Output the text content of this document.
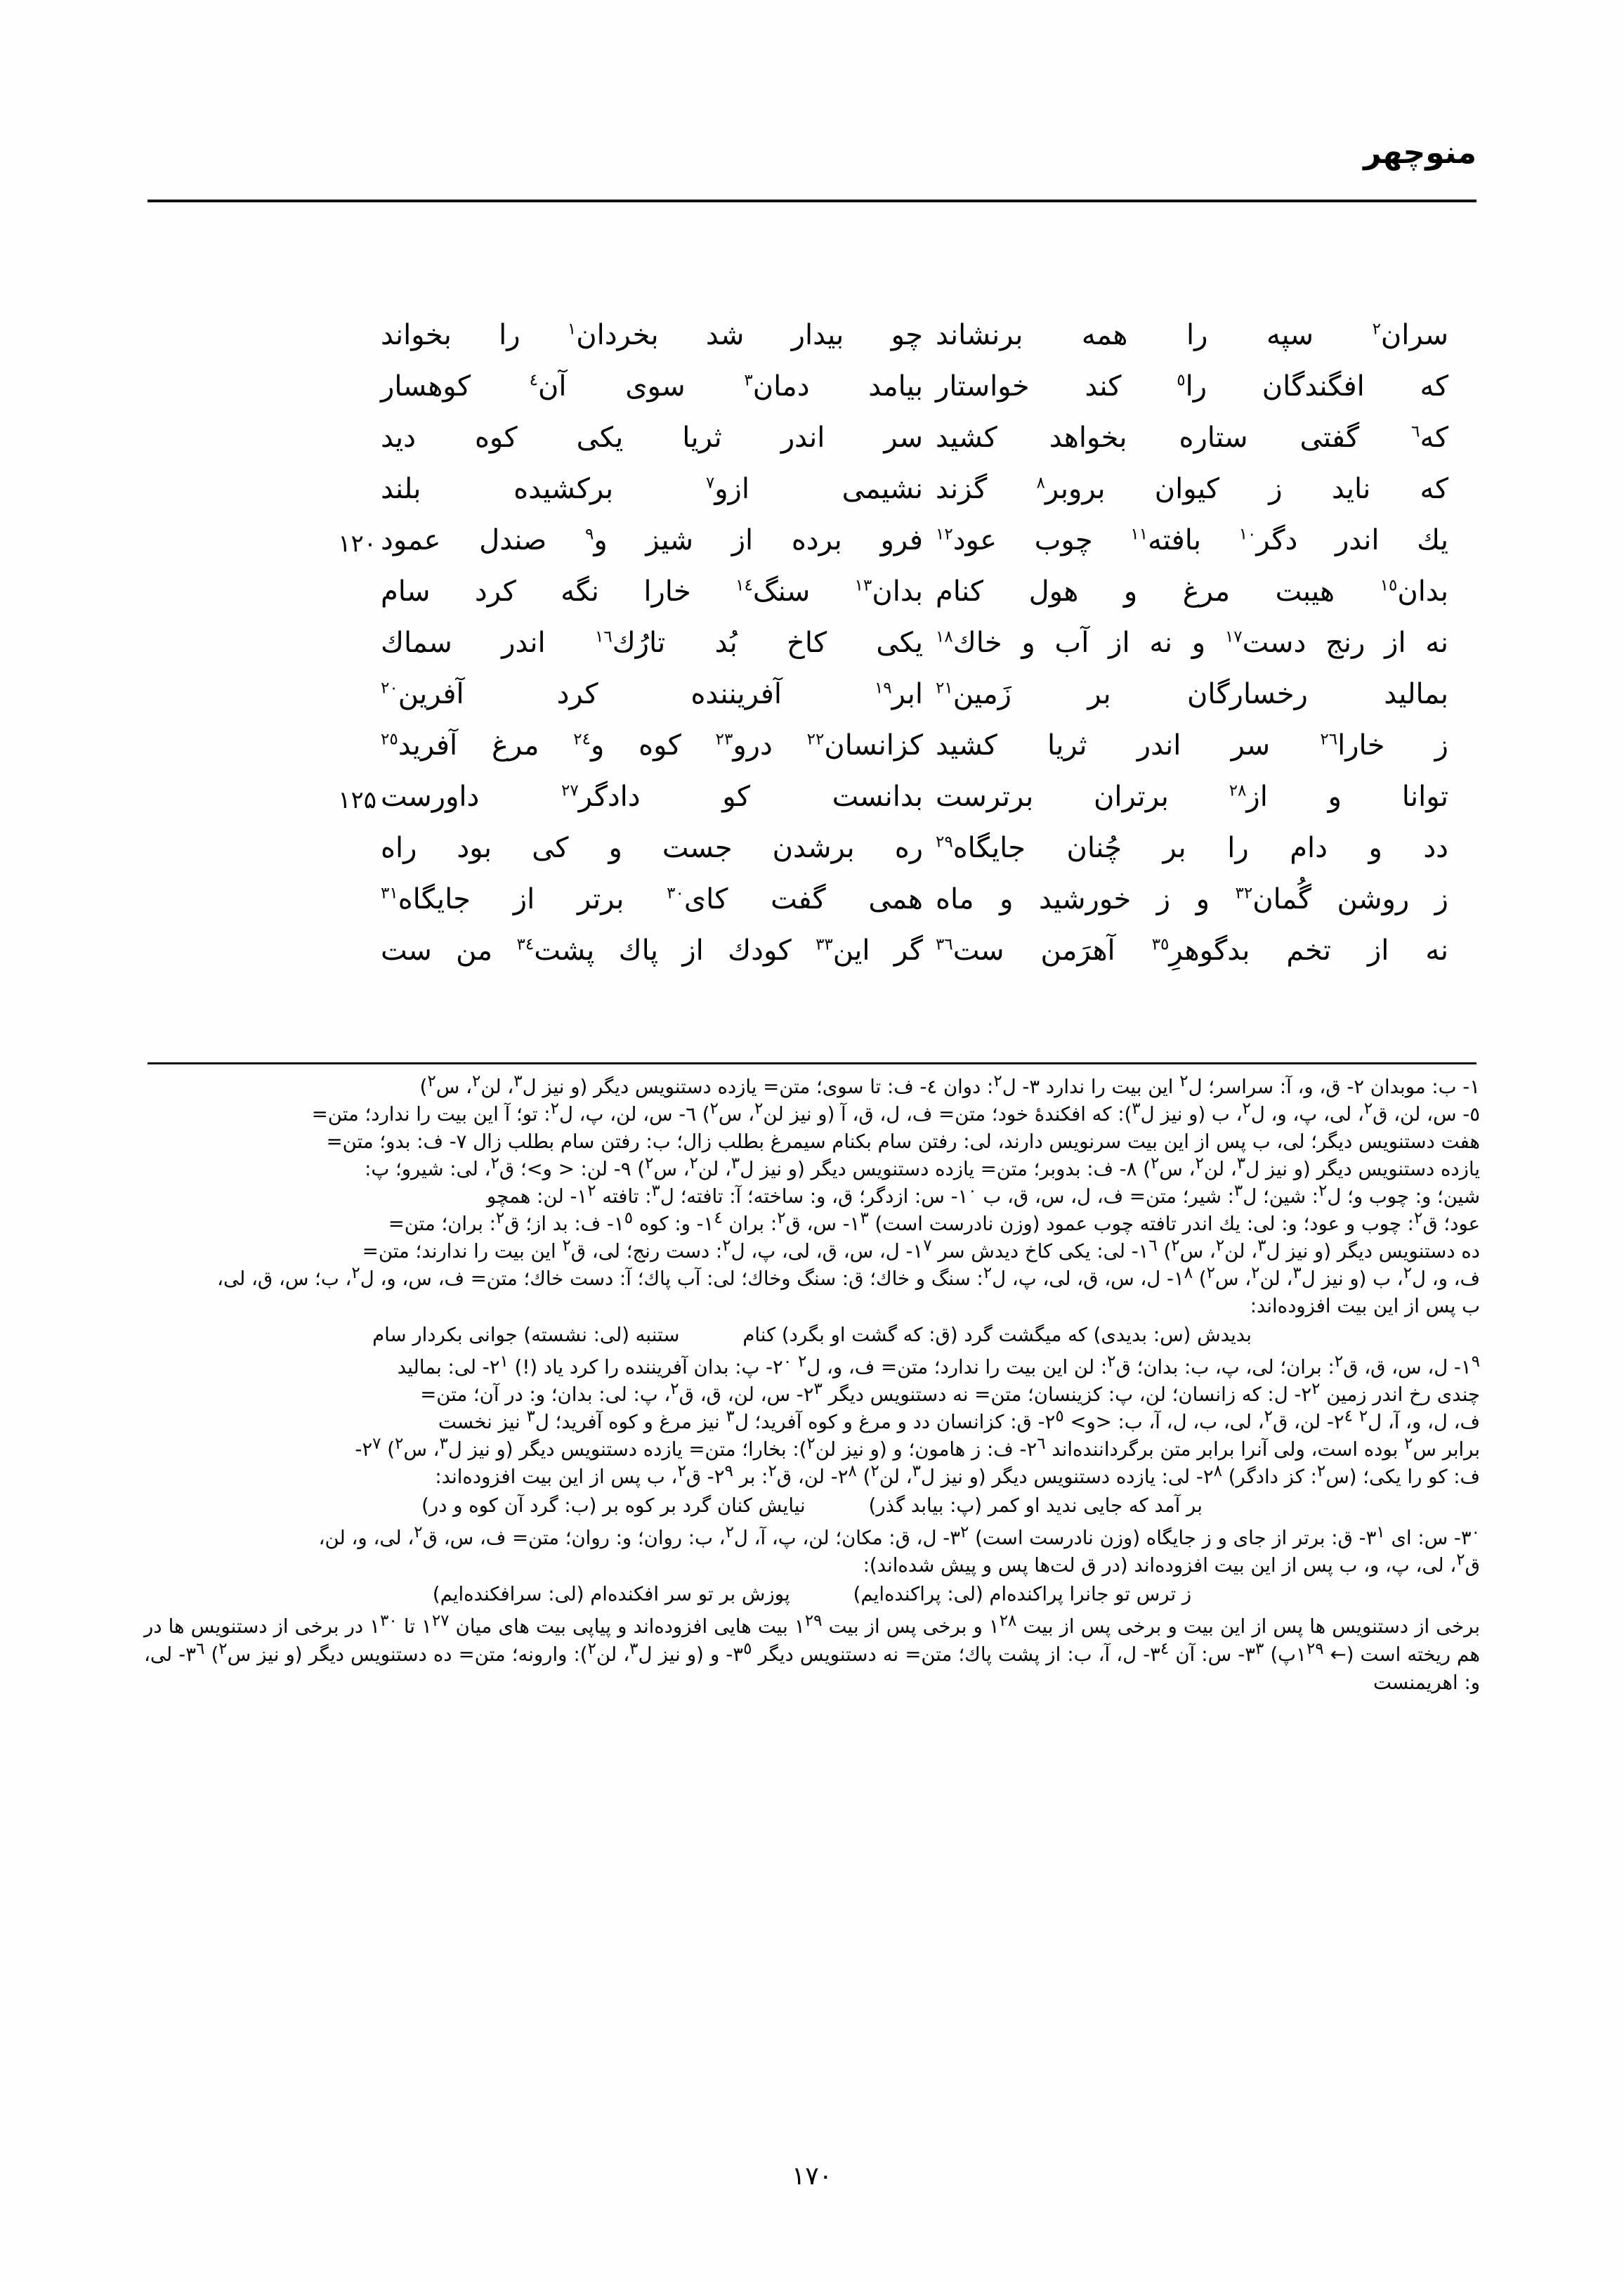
منوچهر
سران$^٢$ سپه را همه برنشاند
چو بیدار شد بخردان$^١$ را بخواند
که افگندگان را$^٥$ کند خواستار
بیامد دمان$^٣$ سوی آن$^٤$ کوهسار
که$^٦$ گفتی ستاره بخواهد کشید
سر اندر ثریا یکی کوه دید
که ناید ز کیوان بروبر$^٨$ گزند
نشیمی ازو$^٧$ برکشیده بلند
یك اندر دگر$^{١٠}$ بافته$^{١١}$ چوب عود$^{١٢}$
فرو برده از شیز و$^٩$ صندل عمود
۱۲۰
بدان$^{١٥}$ هیبت مرغ و هول کنام
بدان$^{١٣}$ سنگ$^{١٤}$ خارا نگه کرد سام
نه از رنج دست$^{١٧}$ و نه از آب و خاك$^{١٨}$
یکی کاخ بُد تارُك$^{١٦}$ اندر سماك
بمالید رخسارگان بر زَمین$^{٢١}$
ابر$^{١٩}$ آفریننده کرد آفرین$^{٢٠}$
ز خارا$^{٢٦}$ سر اندر ثریا کشید
کزانسان$^{٢٢}$ درو$^{٢٣}$ کوه و$^{٢٤}$ مرغ آفرید$^{٢٥}$
توانا و از$^{٢٨}$ برتران برترست
بدانست کو دادگر$^{٢٧}$ داورست
۱۲۵
دد و دام را بر چُنان جایگاه$^{٢٩}$
ره برشدن جست و کی بود راه
ز روشن گُمان$^{٣٢}$ و ز خورشید و ماه
همی گفت کای$^{٣٠}$ برتر از جایگاه$^{٣١}$
نه از تخم بدگوهرِ$^{٣٥}$ آهرَمن ست$^{٣٦}$
گر این$^{٣٣}$ کودك از پاك پشت$^{٣٤}$ من ست
١- ب: موبدان ٢- ق، و، آ: سراسر؛ ل$^٢$ این بیت را ندارد ٣- ل$^٢$: دوان ٤- ف: تا سوی؛ متن= یازده دستنویس دیگر (و نیز ل$^٣$، لن$^٢$، س$^٢$)
٥- س، لن، ق$^٢$، لی، پ، و، ل$^٢$، ب (و نیز ل$^٣$): که افکندهٔ خود؛ متن= ف، ل، ق، آ (و نیز لن$^٢$، س$^٢$) ٦- س، لن، پ، ل$^٢$: تو؛ آ این بیت را ندارد؛ متن=
هفت دستنویس دیگر؛ لی، ب پس از این بیت سرنویس دارند، لی: رفتن سام بکنام سیمرغ بطلب زال؛ ب: رفتن سام بطلب زال ٧- ف: بدو؛ متن=
یازده دستنویس دیگر (و نیز ل$^٣$، لن$^٢$، س$^٢$) ٨- ف: بدوبر؛ متن= یازده دستنویس دیگر (و نیز ل$^٣$، لن$^٢$، س$^٢$) ٩- لن: < و>؛ ق$^٢$، لی: شیرو؛ پ:
شین؛ و: چوب و؛ ل$^٢$: شین؛ ل$^٣$: شیر؛ متن= ف، ل، س، ق، ب ١$^٠$- س: ازدگر؛ ق، و: ساخته؛ آ: تافته؛ ل$^٣$: تافته ١$^٢$- لن: همچو
عود؛ ق$^٢$: چوب و عود؛ و: لی: یك اندر تافته چوب عمود (وزن نادرست است) ١$^٣$- س، ق$^٢$: بران ١$^٤$- و: کوه ١$^٥$- ف: بد از؛ ق$^٢$: بران؛ متن=
ده دستنویس دیگر (و نیز ل$^٣$، لن$^٢$، س$^٢$) ١$^٦$- لی: یکی کاخ دیدش سر ١$^٧$- ل، س، ق، لی، پ، ل$^٢$: دست رنج؛ لی، ق$^٢$ این بیت را ندارند؛ متن=
ف، و، ل$^٢$، ب (و نیز ل$^٣$، لن$^٢$، س$^٢$) ١$^٨$- ل، س، ق، لی، پ، ل$^٢$: سنگ و خاك؛ ق: سنگ وخاك؛ لی: آب پاك؛ آ: دست خاك؛ متن= ف، س، و، ل$^٢$، ب؛ س، ق، لی،
ب پس از این بیت افزوده‌اند:
بدیدش (س: بدیدی) که میگشت گرد (ق: که گشت او بگرد) کنام
ستنبه (لی: نشسته) جوانی بکردار سام
١$^٩$- ل، س، ق، ق$^٢$: بران؛ لی، پ، ب: بدان؛ ق$^٢$: لن این بیت را ندارد؛ متن= ف، و، ل$^٢$ ٢$^٠$- پ: بدان آفریننده را کرد یاد (!) ٢$^١$- لی: بمالید
چندی رخ اندر زمین ٢$^٢$- ل: که زانسان؛ لن، پ: کزینسان؛ متن= نه دستنویس دیگر ٢$^٣$- س، لن، ق، ق$^٢$، پ: لی: بدان؛ و: در آن؛ متن=
ف، ل، و، آ، ل$^٢$ ٢$^٤$- لن، ق$^٢$، لی، ب، ل، آ، ب: <و> ٢$^٥$- ق: کزانسان دد و مرغ و کوه آفرید؛ ل$^٣$ نیز مرغ و کوه آفرید؛ ل$^٣$ نیز نخست
برابر س$^٢$ بوده است، ولی آنرا برابر متن برگرداننده‌اند ٢$^٦$- ف: ز هامون؛ و (و نیز لن$^٢$): بخارا؛ متن= یازده دستنویس دیگر (و نیز ل$^٣$، س$^٢$) ٢$^٧$-
ف: کو را یکی؛ (س$^٢$: کز دادگر) ٢$^٨$- لی: یازده دستنویس دیگر (و نیز ل$^٣$، لن$^٢$) ٢$^٨$- لن، ق$^٢$: بر ٢$^٩$- ق$^٢$، ب پس از این بیت افزوده‌اند:
بر آمد که جایی ندید او کمر (پ: بیابد گذر)
نیایش کنان گرد بر کوه بر (ب: گرد آن کوه و در)
٣$^٠$- س: ای ٣$^١$- ق: برتر از جای و ز جایگاه (وزن نادرست است) ٣$^٢$- ل، ق: مکان؛ لن، پ، آ، ل$^٢$، ب: روان؛ و: روان؛ متن= ف، س، ق$^٢$، لی، و، لن،
ق$^٢$، لی، پ، و، ب پس از این بیت افزوده‌اند (در ق لت‌ها پس و پیش شده‌اند):
ز ترس تو جانرا پراکنده‌ام (لی: پراکنده‌ایم)
پوزش بر تو سر افکنده‌ام (لی: سرافکنده‌ایم)
برخی از دستنویس ها پس از این بیت و برخی پس از بیت ١$^{٢٨}$ و برخی پس از بیت ١$^{٢٩}$ بیت هایی افزوده‌اند و پیاپی بیت های میان ١$^{٢٧}$ تا ١$^{٣٠}$ در برخی از دستنویس ها در هم ریخته است (← ١$^{٢٩}$پ) ٣$^٣$- س: آن ٣$^٤$- ل، آ، ب: از پشت پاك؛ متن= نه دستنویس دیگر ٣$^٥$- و (و نیز ل$^٣$، لن$^٢$): وارونه؛ متن= ده دستنویس دیگر (و نیز س$^٢$) ٣$^٦$- لی، و: اهریمنست
۱۷۰
